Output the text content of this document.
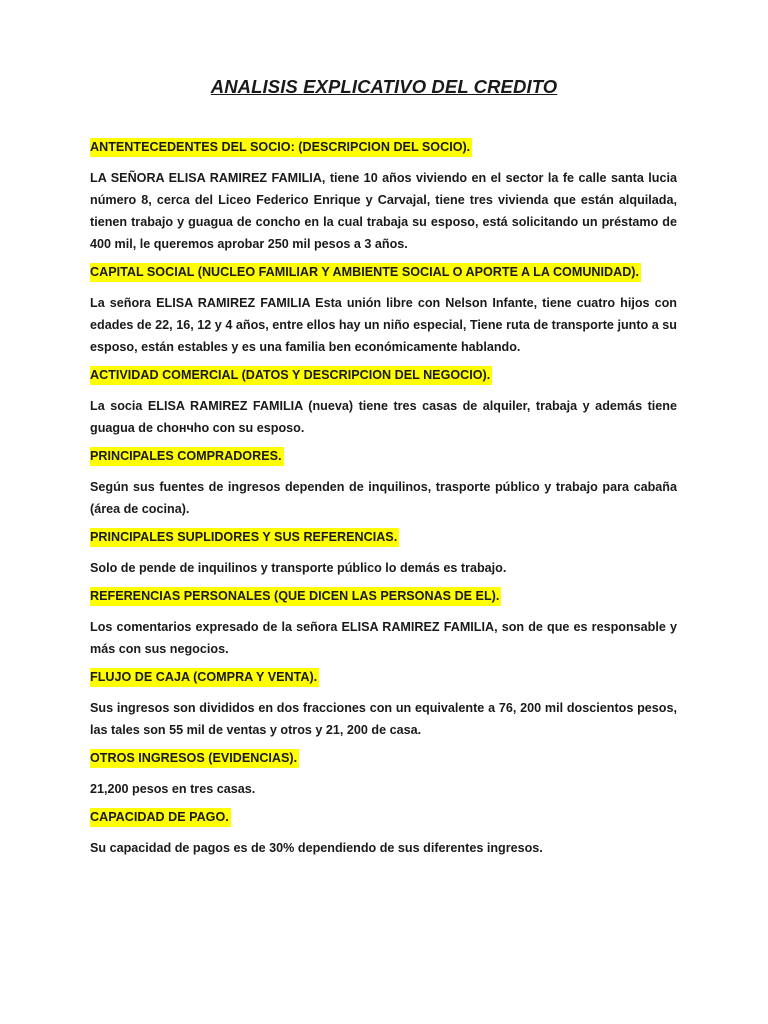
ANALISIS EXPLICATIVO DEL CREDITO
ANTENTECEDENTES DEL SOCIO: (DESCRIPCION DEL SOCIO).

LA SEÑORA ELISA RAMIREZ FAMILIA, tiene 10 años viviendo en el sector la fe calle santa lucia número 8, cerca del Liceo Federico Enrique y Carvajal, tiene tres vivienda que están alquilada, tienen trabajo y guagua de concho en la cual trabaja su esposo, está solicitando un préstamo de 400 mil, le queremos aprobar 250 mil pesos a 3 años.

CAPITAL SOCIAL (NUCLEO FAMILIAR Y AMBIENTE SOCIAL O APORTE A LA COMUNIDAD).

La señora ELISA RAMIREZ FAMILIA Esta unión libre con Nelson Infante, tiene cuatro hijos con edades de 22, 16, 12 y 4 años, entre ellos hay un niño especial, Tiene ruta de transporte junto a su esposo, están estables y es una familia ben económicamente hablando.

ACTIVIDAD COMERCIAL (DATOS Y DESCRIPCION DEL NEGOCIO).

La socia ELISA RAMIREZ FAMILIA (nueva) tiene tres casas de alquiler, trabaja y además tiene guagua de chончho con su esposo.

PRINCIPALES COMPRADORES.

Según sus fuentes de ingresos dependen de inquilinos, trasporte público y trabajo para cabaña (área de cocina).

PRINCIPALES SUPLIDORES Y SUS REFERENCIAS.

Solo de pende de inquilinos y transporte público lo demás es trabajo.

REFERENCIAS PERSONALES (QUE DICEN LAS PERSONAS DE EL).

Los comentarios expresado de la señora ELISA RAMIREZ FAMILIA, son de que es responsable y más con sus negocios.

FLUJO DE CAJA (COMPRA Y VENTA).

Sus ingresos son divididos en dos fracciones con un equivalente a 76, 200 mil doscientos pesos, las tales son 55 mil de ventas y otros y 21, 200 de casa.

OTROS INGRESOS (EVIDENCIAS).

21,200 pesos en tres casas.

CAPACIDAD DE PAGO.

Su capacidad de pagos es de 30% dependiendo de sus diferentes ingresos.
